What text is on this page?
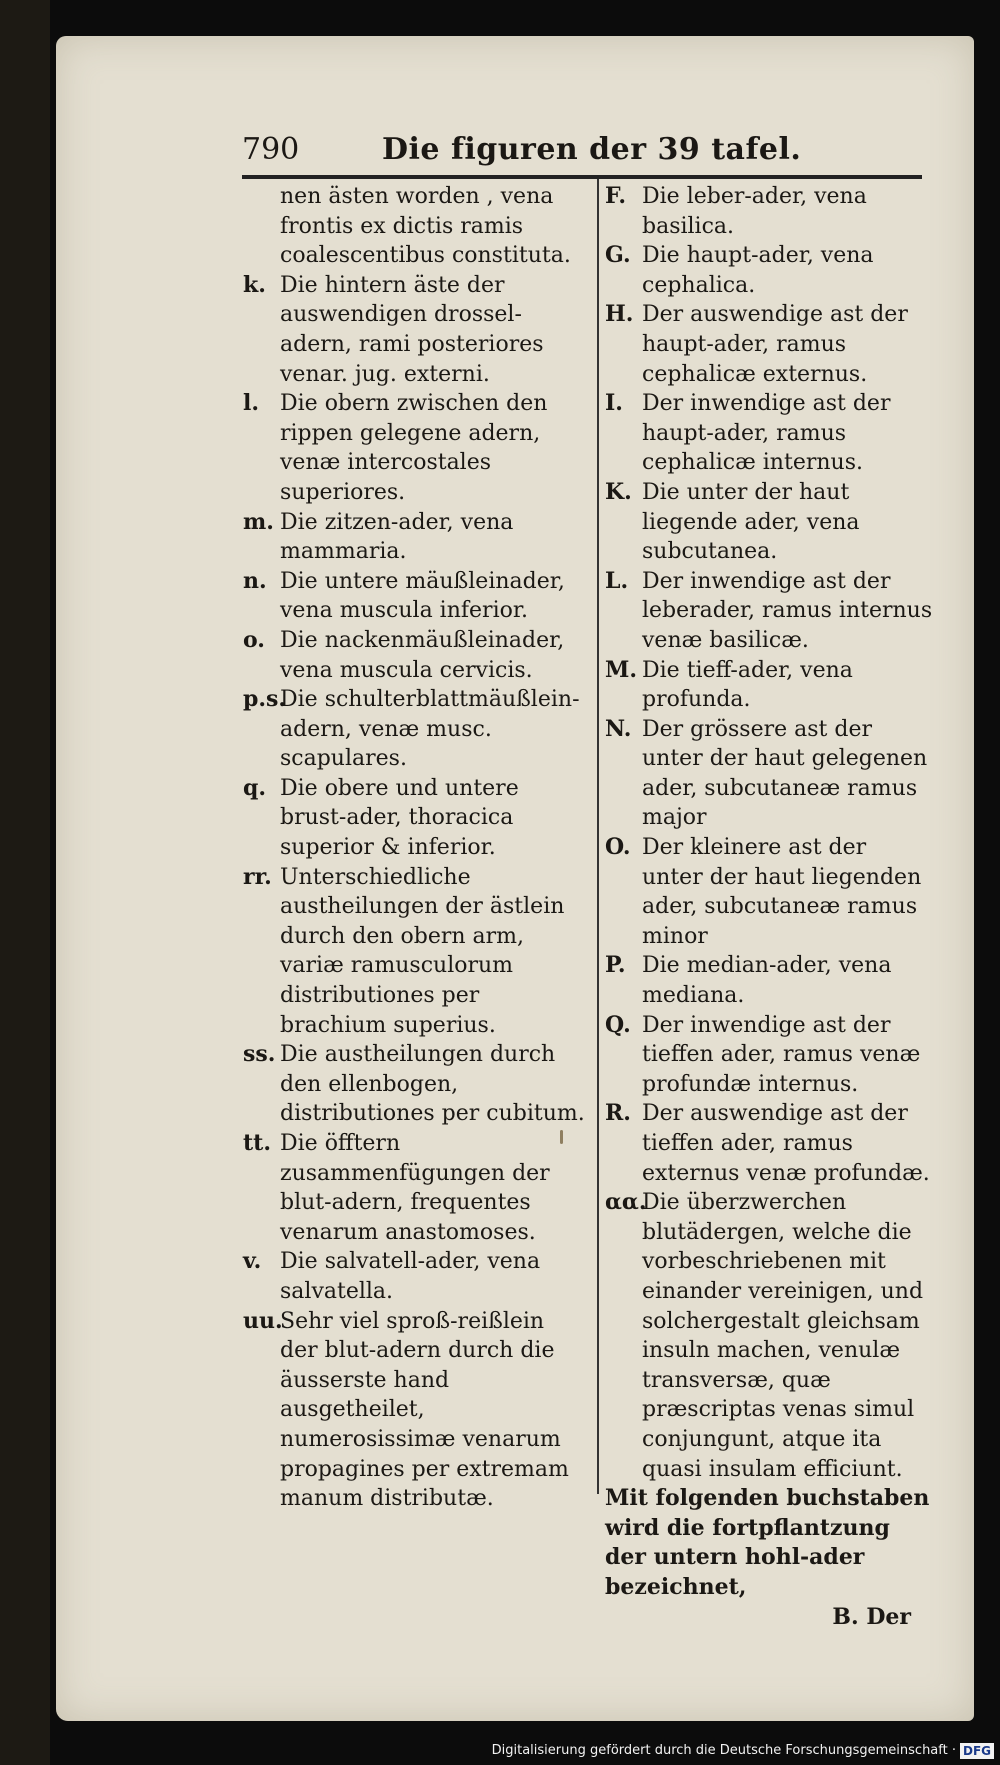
790	Die figuren der 39 tafel.
nen ästen worden , vena frontis ex dictis ramis coalescentibus constituta.
k. Die hintern äste der auswendigen drossel-adern, rami posteriores venar. jug. externi.
l. Die obern zwischen den rippen gelegene adern, venæ intercostales superiores.
m. Die zitzen-ader, vena mammaria.
n. Die untere mäußleinader, vena muscula inferior.
o. Die nackenmäußleinader, vena muscula cervicis.
p.s.
Die schulterblattmäußlein-adern, venæ musc. scapulares.
q. Die obere und untere brust-ader, thoracica superior & inferior.
rr. Unterschiedliche austheilungen der ästlein durch den obern arm, variæ ramusculorum distributiones per brachium superius.
ss. Die austheilungen durch den ellenbogen, distributiones per cubitum.
tt. Die öfftern zusammenfügungen der blut-adern, frequentes venarum anastomoses.
v. Die salvatell-ader, vena salvatella.
uu.
Sehr viel sproß-reißlein der blut-adern durch die äusserste hand ausgetheilet, numerosissimæ venarum propagines per extremam manum distributæ.
F. Die leber-ader, vena basilica.
G. Die haupt-ader, vena cephalica.
H. Der auswendige ast der haupt-ader, ramus cephalicæ externus.
I. Der inwendige ast der haupt-ader, ramus cephalicæ internus.
K. Die unter der haut liegende ader, vena subcutanea.
L. Der inwendige ast der leberader, ramus internus venæ basilicæ.
M. Die tieff-ader, vena profunda.
N. Der grössere ast der unter der haut gelegenen ader, subcutaneæ ramus major
O. Der kleinere ast der unter der haut liegenden ader, subcutaneæ ramus minor
P. Die median-ader, vena mediana.
Q. Der inwendige ast der tieffen ader, ramus venæ profundæ internus.
R. Der auswendige ast der tieffen ader, ramus externus venæ profundæ.
αα.
Die überzwerchen blutädergen, welche die vorbeschriebenen mit einander vereinigen, und solchergestalt gleichsam insuln machen, venulæ transversæ, quæ præscriptas venas simul conjungunt, atque ita quasi insulam efficiunt.
Mit folgenden buchstaben wird die fortpflantzung der untern hohl-ader bezeichnet,
B. Der
Digitalisierung gefördert durch die Deutsche Forschungsgemeinschaft · DFG
